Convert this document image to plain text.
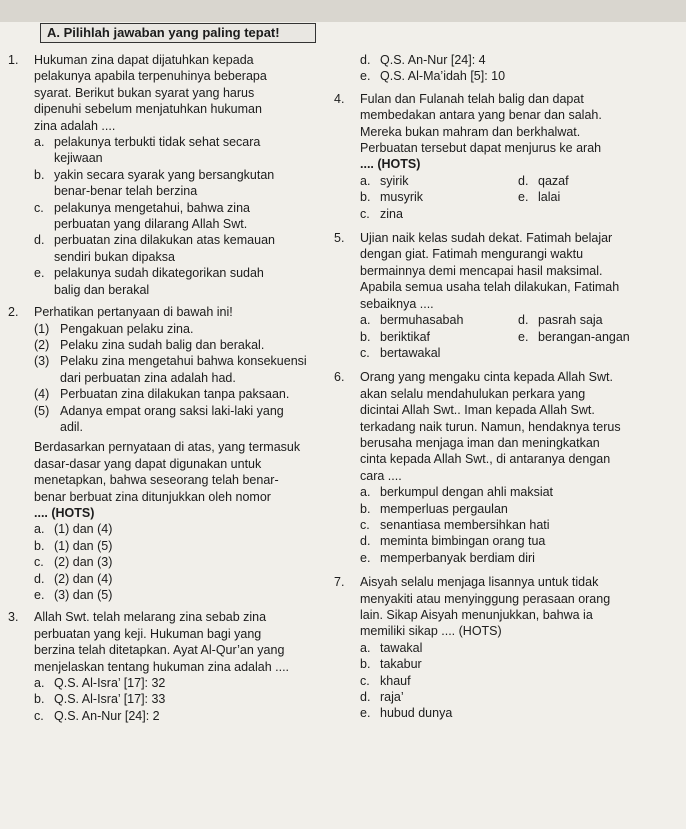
A. Pilihlah jawaban yang paling tepat!
1. Hukuman zina dapat dijatuhkan kepada
pelakunya apabila terpenuhinya beberapa
syarat. Berikut bukan syarat yang harus
dipenuhi sebelum menjatuhkan hukuman
zina adalah ....
a. pelakunya terbukti tidak sehat secara
kejiwaan
b. yakin secara syarak yang bersangkutan
benar-benar telah berzina
c. pelakunya mengetahui, bahwa zina
perbuatan yang dilarang Allah Swt.
d. perbuatan zina dilakukan atas kemauan
sendiri bukan dipaksa
e. pelakunya sudah dikategorikan sudah
balig dan berakal
2. Perhatikan pertanyaan di bawah ini!
(1) Pengakuan pelaku zina.
(2) Pelaku zina sudah balig dan berakal.
(3) Pelaku zina mengetahui bahwa konsekuensi
dari perbuatan zina adalah had.
(4) Perbuatan zina dilakukan tanpa paksaan.
(5) Adanya empat orang saksi laki-laki yang
adil.
Berdasarkan pernyataan di atas, yang termasuk
dasar-dasar yang dapat digunakan untuk
menetapkan, bahwa seseorang telah benar-
benar berbuat zina ditunjukkan oleh nomor
.... (HOTS)
a. (1) dan (4)
b. (1) dan (5)
c. (2) dan (3)
d. (2) dan (4)
e. (3) dan (5)
3. Allah Swt. telah melarang zina sebab zina
perbuatan yang keji. Hukuman bagi yang
berzina telah ditetapkan. Ayat Al-Qur’an yang
menjelaskan tentang hukuman zina adalah ....
a. Q.S. Al-Isra’ [17]: 32
b. Q.S. Al-Isra’ [17]: 33
c. Q.S. An-Nur [24]: 2
d. Q.S. An-Nur [24]: 4
e. Q.S. Al-Ma’idah [5]: 10
4. Fulan dan Fulanah telah balig dan dapat
membedakan antara yang benar dan salah.
Mereka bukan mahram dan berkhalwat.
Perbuatan tersebut dapat menjurus ke arah
.... (HOTS)
a. syirik	d. qazaf
b. musyrik	e. lalai
c. zina
5. Ujian naik kelas sudah dekat. Fatimah belajar
dengan giat. Fatimah mengurangi waktu
bermainnya demi mencapai hasil maksimal.
Apabila semua usaha telah dilakukan, Fatimah
sebaiknya ....
a. bermuhasabah	d. pasrah saja
b. beriktikaf	e. berangan-angan
c. bertawakal
6. Orang yang mengaku cinta kepada Allah Swt.
akan selalu mendahulukan perkara yang
dicintai Allah Swt.. Iman kepada Allah Swt.
terkadang naik turun. Namun, hendaknya terus
berusaha menjaga iman dan meningkatkan
cinta kepada Allah Swt., di antaranya dengan
cara ....
a. berkumpul dengan ahli maksiat
b. memperluas pergaulan
c. senantiasa membersihkan hati
d. meminta bimbingan orang tua
e. memperbanyak berdiam diri
7. Aisyah selalu menjaga lisannya untuk tidak
menyakiti atau menyinggung perasaan orang
lain. Sikap Aisyah menunjukkan, bahwa ia
memiliki sikap .... (HOTS)
a. tawakal
b. takabur
c. khauf
d. raja’
e. hubud dunya
